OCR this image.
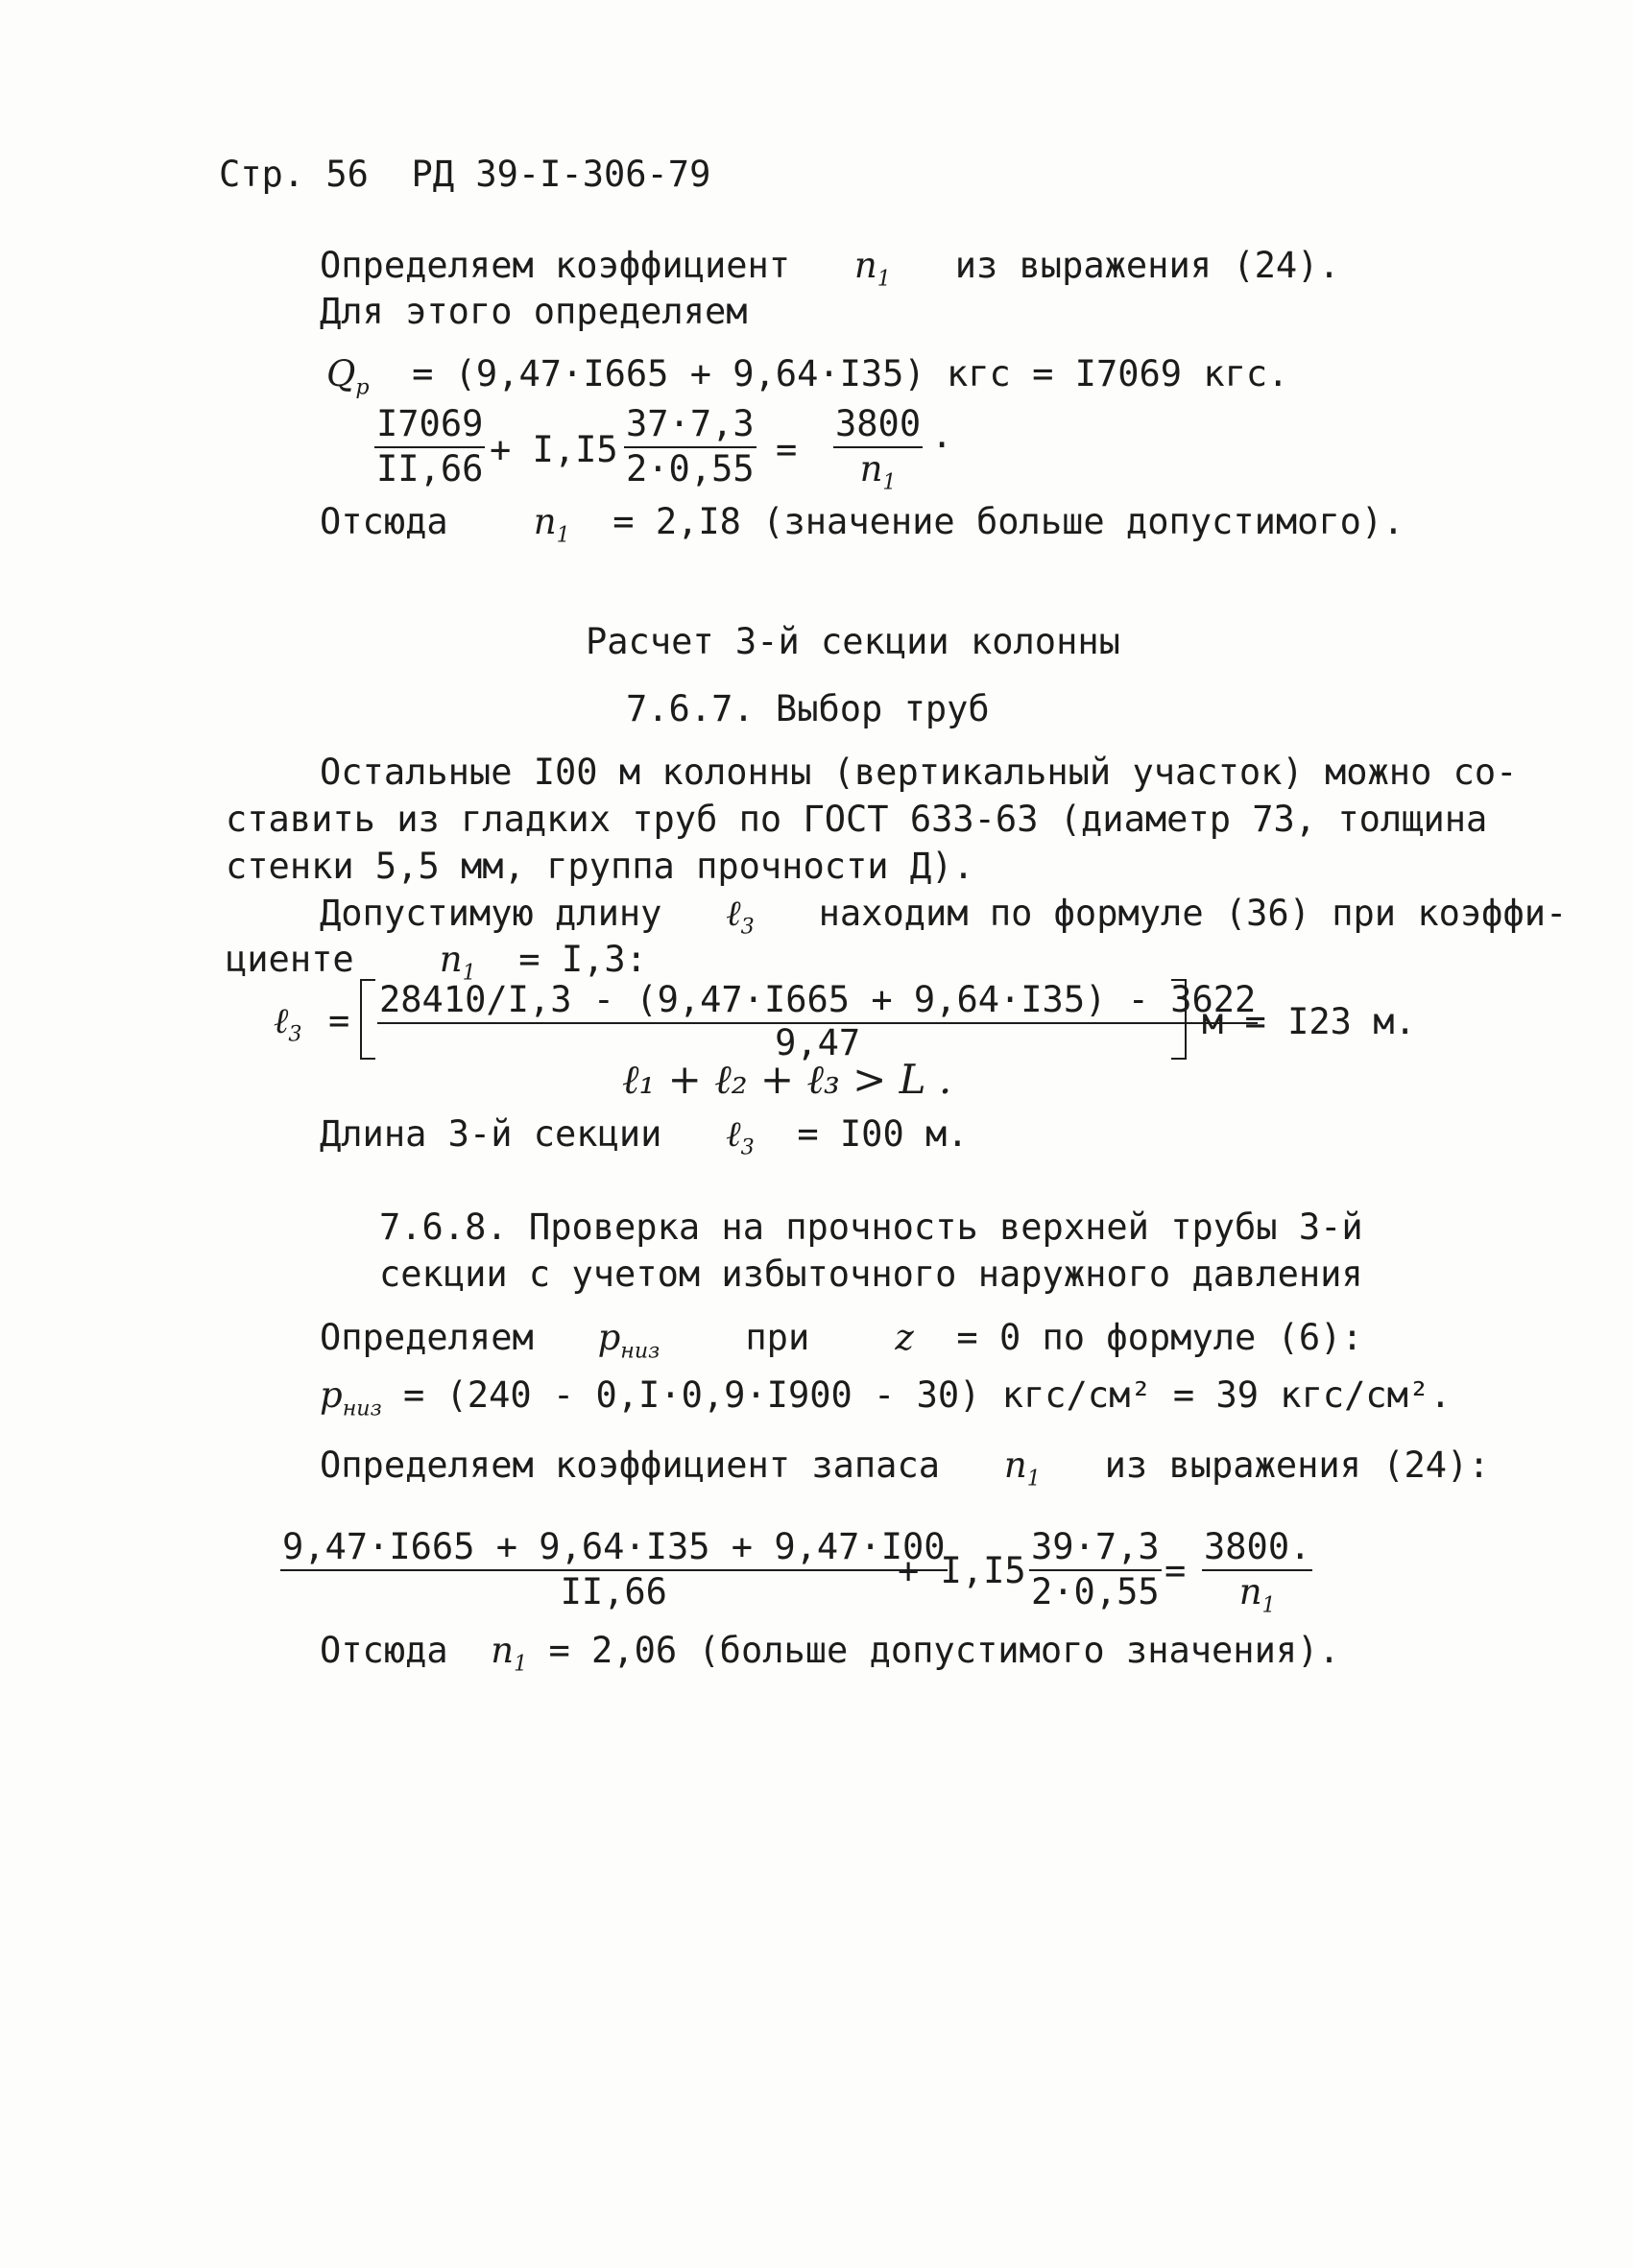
Стр. 56 РД 39-I-306-79
Определяем коэффициент $n_1$ из выражения (24).
Для этого определяем
$Q_p = (9,47\cdot I665 + 9,64\cdot I35)$ кгс = I7069 кгс.
$\frac{I7069}{II,66} + I,I5 \frac{37\cdot 7,3}{2\cdot 0,55} = \frac{3800}{n_1}$ .
Отсюда $n_1 = 2,I8$ (значение больше допустимого).
Расчет 3-й секции колонны
7.6.7. Выбор труб
Остальные I00 м колонны (вертикальный участок) можно со-
ставить из гладких труб по ГОСТ 633-63 (диаметр 73, толщина
стенки 5,5 мм, группа прочности Д).
Допустимую длину ℓ$_3$ находим по формуле (36) при коэффи-
циенте $n_1 = I,3$:
ℓ$_3$ = $\frac{28410/I,3 - (9,47\cdot I665 + 9,64\cdot I35) - 3622}{9,47}$
м = I23 м.
ℓ₁ + ℓ₂ + ℓ₃ > L .
Длина 3-й секции ℓ$_3$ = I00 м.
7.6.8. Проверка на прочность верхней трубы 3-й
секции с учетом избыточного наружного давления
Определяем $p_{низ}$ при z = 0 по формуле (6):
$p_{низ} = (240 - 0,I\cdot 0,9\cdot I900 - 30) кгс/см^2 = 39$ кгс/см².
Определяем коэффициент запаса $n_1$ из выражения (24):
$\frac{9,47\cdot I665 + 9,64\cdot I35 + 9,47\cdot I00}{II,66}$
+ $I,I5 \frac{39\cdot 7,3}{2\cdot 0,55} = \frac{3800.}{n_1}$
Отсюда $n_1 = 2,06$ (больше допустимого значения).
